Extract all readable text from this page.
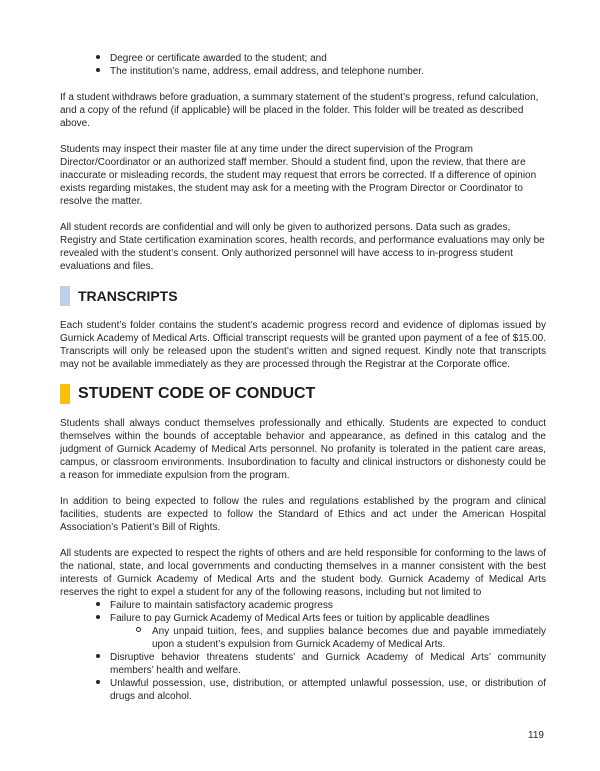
Degree or certificate awarded to the student; and
The institution’s name, address, email address, and telephone number.

If a student withdraws before graduation, a summary statement of the student’s progress, refund calculation, and a copy of the refund (if applicable) will be placed in the folder. This folder will be treated as described above.

Students may inspect their master file at any time under the direct supervision of the Program Director/Coordinator or an authorized staff member. Should a student find, upon the review, that there are inaccurate or misleading records, the student may request that errors be corrected. If a difference of opinion exists regarding mistakes, the student may ask for a meeting with the Program Director or Coordinator to resolve the matter.

All student records are confidential and will only be given to authorized persons. Data such as grades, Registry and State certification examination scores, health records, and performance evaluations may only be revealed with the student’s consent. Only authorized personnel will have access to in-progress student evaluations and files.

TRANSCRIPTS

Each student’s folder contains the student’s academic progress record and evidence of diplomas issued by Gurnick Academy of Medical Arts. Official transcript requests will be granted upon payment of a fee of $15.00. Transcripts will only be released upon the student’s written and signed request. Kindly note that transcripts may not be available immediately as they are processed through the Registrar at the Corporate office.

STUDENT CODE OF CONDUCT

Students shall always conduct themselves professionally and ethically. Students are expected to conduct themselves within the bounds of acceptable behavior and appearance, as defined in this catalog and the judgment of Gurnick Academy of Medical Arts personnel. No profanity is tolerated in the patient care areas, campus, or classroom environments. Insubordination to faculty and clinical instructors or dishonesty could be a reason for immediate expulsion from the program.

In addition to being expected to follow the rules and regulations established by the program and clinical facilities, students are expected to follow the Standard of Ethics and act under the American Hospital Association’s Patient’s Bill of Rights.

All students are expected to respect the rights of others and are held responsible for conforming to the laws of the national, state, and local governments and conducting themselves in a manner consistent with the best interests of Gurnick Academy of Medical Arts and the student body. Gurnick Academy of Medical Arts reserves the right to expel a student for any of the following reasons, including but not limited to

Failure to maintain satisfactory academic progress
Failure to pay Gurnick Academy of Medical Arts fees or tuition by applicable deadlines
Any unpaid tuition, fees, and supplies balance becomes due and payable immediately upon a student’s expulsion from Gurnick Academy of Medical Arts.
Disruptive behavior threatens students’ and Gurnick Academy of Medical Arts’ community members’ health and welfare.
Unlawful possession, use, distribution, or attempted unlawful possession, use, or distribution of drugs and alcohol.
119
